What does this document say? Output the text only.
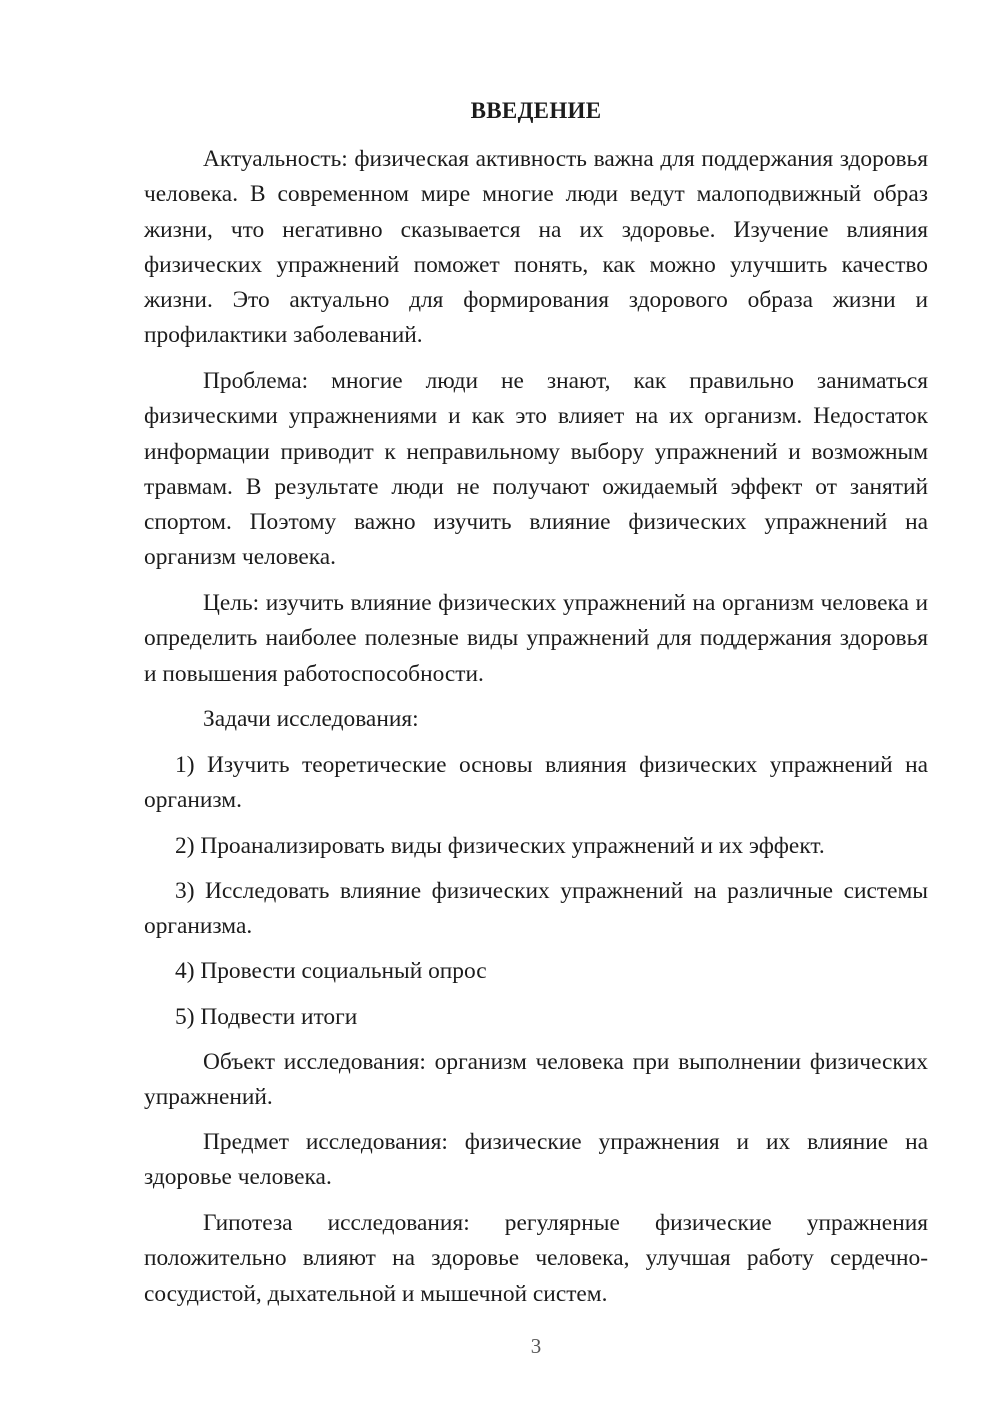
ВВЕДЕНИЕ

Актуальность: физическая активность важна для поддержания здоровья человека. В современном мире многие люди ведут малоподвижный образ жизни, что негативно сказывается на их здоровье. Изучение влияния физических упражнений поможет понять, как можно улучшить качество жизни. Это актуально для формирования здорового образа жизни и профилактики заболеваний.

Проблема: многие люди не знают, как правильно заниматься физическими упражнениями и как это влияет на их организм. Недостаток информации приводит к неправильному выбору упражнений и возможным травмам. В результате люди не получают ожидаемый эффект от занятий спортом. Поэтому важно изучить влияние физических упражнений на организм человека.

Цель: изучить влияние физических упражнений на организм человека и определить наиболее полезные виды упражнений для поддержания здоровья и повышения работоспособности.

Задачи исследования:

1) Изучить теоретические основы влияния физических упражнений на организм.

2) Проанализировать виды физических упражнений и их эффект.

3) Исследовать влияние физических упражнений на различные системы организма.

4) Провести социальный опрос

5) Подвести итоги

Объект исследования: организм человека при выполнении физических упражнений.

Предмет исследования: физические упражнения и их влияние на здоровье человека.

Гипотеза исследования: регулярные физические упражнения положительно влияют на здоровье человека, улучшая работу сердечно-сосудистой, дыхательной и мышечной систем.

3
